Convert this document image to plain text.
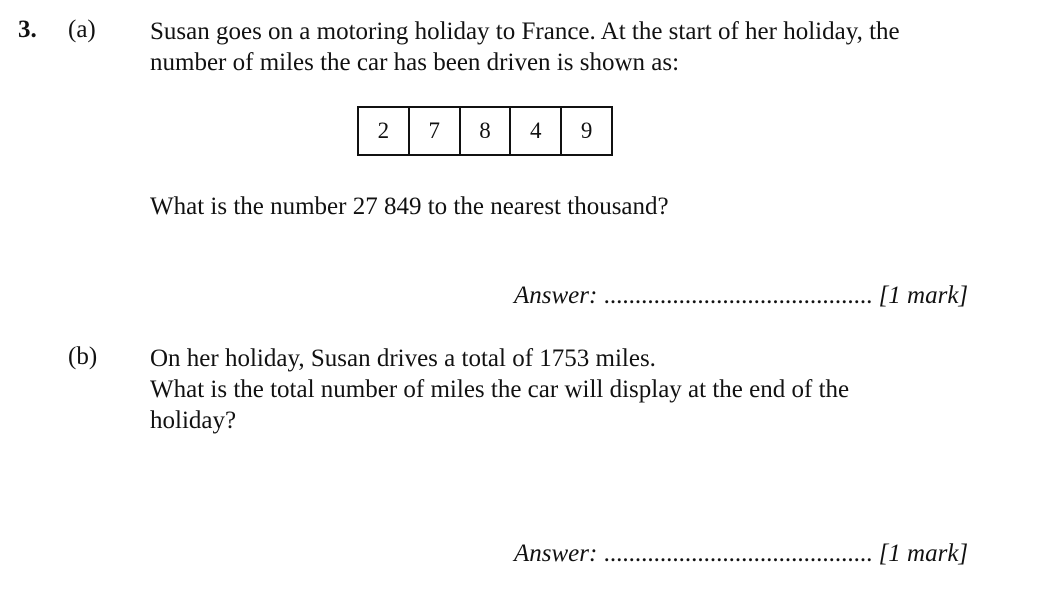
3. (a) Susan goes on a motoring holiday to France. At the start of her holiday, the
number of miles the car has been driven is shown as:
2	7	8	4	9
What is the number 27 849 to the nearest thousand?
Answer: ........................................... [1 mark]
(b) On her holiday, Susan drives a total of 1753 miles.
What is the total number of miles the car will display at the end of the
holiday?
Answer: ........................................... [1 mark]
